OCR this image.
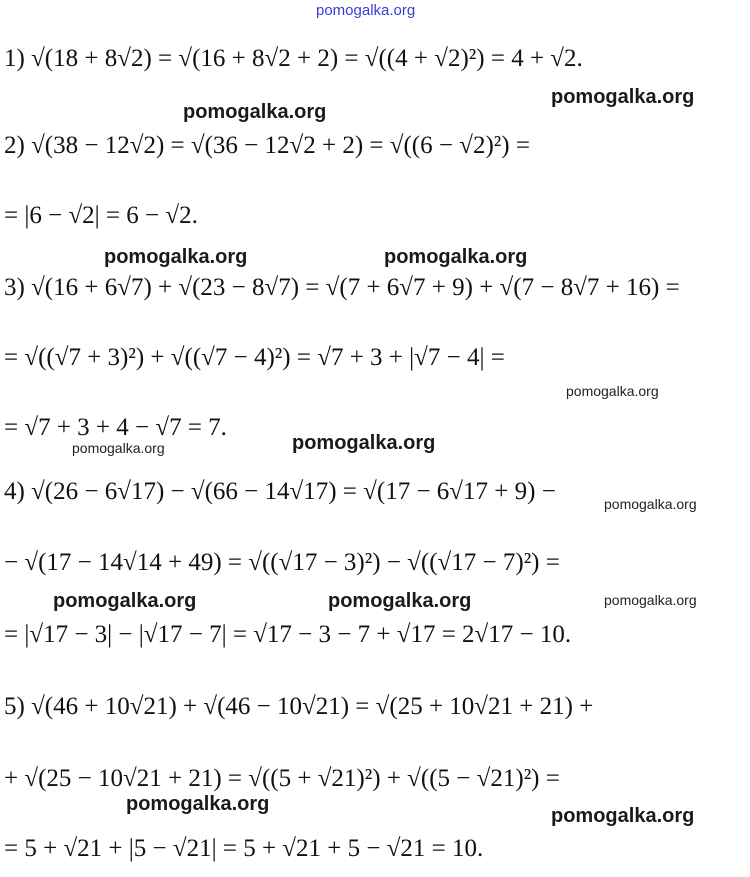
pomogalka.org
1) √(18 + 8√2) = √(16 + 8√2 + 2) = √((4 + √2)²) = 4 + √2.
2) √(38 − 12√2) = √(36 − 12√2 + 2) = √((6 − √2)²) =
= |6 − √2| = 6 − √2.
3) √(16 + 6√7) + √(23 − 8√7) = √(7 + 6√7 + 9) + √(7 − 8√7 + 16) =
= √((√7 + 3)²) + √((√7 − 4)²) = √7 + 3 + |√7 − 4| =
= √7 + 3 + 4 − √7 = 7.
4) √(26 − 6√17) − √(66 − 14√17) = √(17 − 6√17 + 9) −
− √(17 − 14√14 + 49) = √((√17 − 3)²) − √((√17 − 7)²) =
= |√17 − 3| − |√17 − 7| = √17 − 3 − 7 + √17 = 2√17 − 10.
5) √(46 + 10√21) + √(46 − 10√21) = √(25 + 10√21 + 21) +
+ √(25 − 10√21 + 21) = √((5 + √21)²) + √((5 − √21)²) =
= 5 + √21 + |5 − √21| = 5 + √21 + 5 − √21 = 10.
pomogalka.org
pomogalka.org
pomogalka.org	pomogalka.org
pomogalka.org
pomogalka.org	pomogalka.org
pomogalka.org
pomogalka.org	pomogalka.org	pomogalka.org
pomogalka.org
pomogalka.org
